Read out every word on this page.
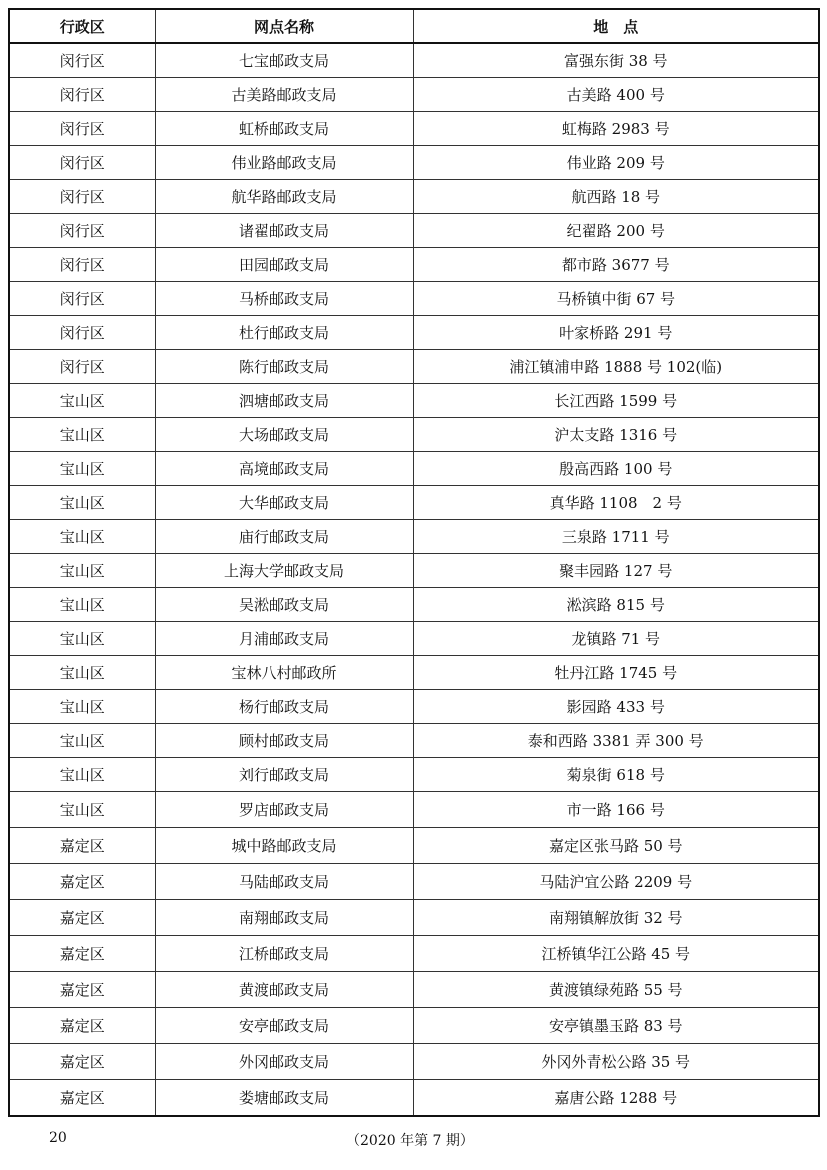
行政区	网点名称	地　点
闵行区	七宝邮政支局	富强东街 38 号
闵行区	古美路邮政支局	古美路 400 号
闵行区	虹桥邮政支局	虹梅路 2983 号
闵行区	伟业路邮政支局	伟业路 209 号
闵行区	航华路邮政支局	航西路 18 号
闵行区	诸翟邮政支局	纪翟路 200 号
闵行区	田园邮政支局	都市路 3677 号
闵行区	马桥邮政支局	马桥镇中街 67 号
闵行区	杜行邮政支局	叶家桥路 291 号
闵行区	陈行邮政支局	浦江镇浦申路 1888 号 102(临)
宝山区	泗塘邮政支局	长江西路 1599 号
宝山区	大场邮政支局	沪太支路 1316 号
宝山区	高境邮政支局	殷高西路 100 号
宝山区	大华邮政支局	真华路 1108　2 号
宝山区	庙行邮政支局	三泉路 1711 号
宝山区	上海大学邮政支局	聚丰园路 127 号
宝山区	吴淞邮政支局	淞滨路 815 号
宝山区	月浦邮政支局	龙镇路 71 号
宝山区	宝林八村邮政所	牡丹江路 1745 号
宝山区	杨行邮政支局	影园路 433 号
宝山区	顾村邮政支局	泰和西路 3381 弄 300 号
宝山区	刘行邮政支局	菊泉街 618 号
宝山区	罗店邮政支局	市一路 166 号
嘉定区	城中路邮政支局	嘉定区张马路 50 号
嘉定区	马陆邮政支局	马陆沪宜公路 2209 号
嘉定区	南翔邮政支局	南翔镇解放街 32 号
嘉定区	江桥邮政支局	江桥镇华江公路 45 号
嘉定区	黄渡邮政支局	黄渡镇绿苑路 55 号
嘉定区	安亭邮政支局	安亭镇墨玉路 83 号
嘉定区	外冈邮政支局	外冈外青松公路 35 号
嘉定区	娄塘邮政支局	嘉唐公路 1288 号
20	（2020 年第 7 期）
